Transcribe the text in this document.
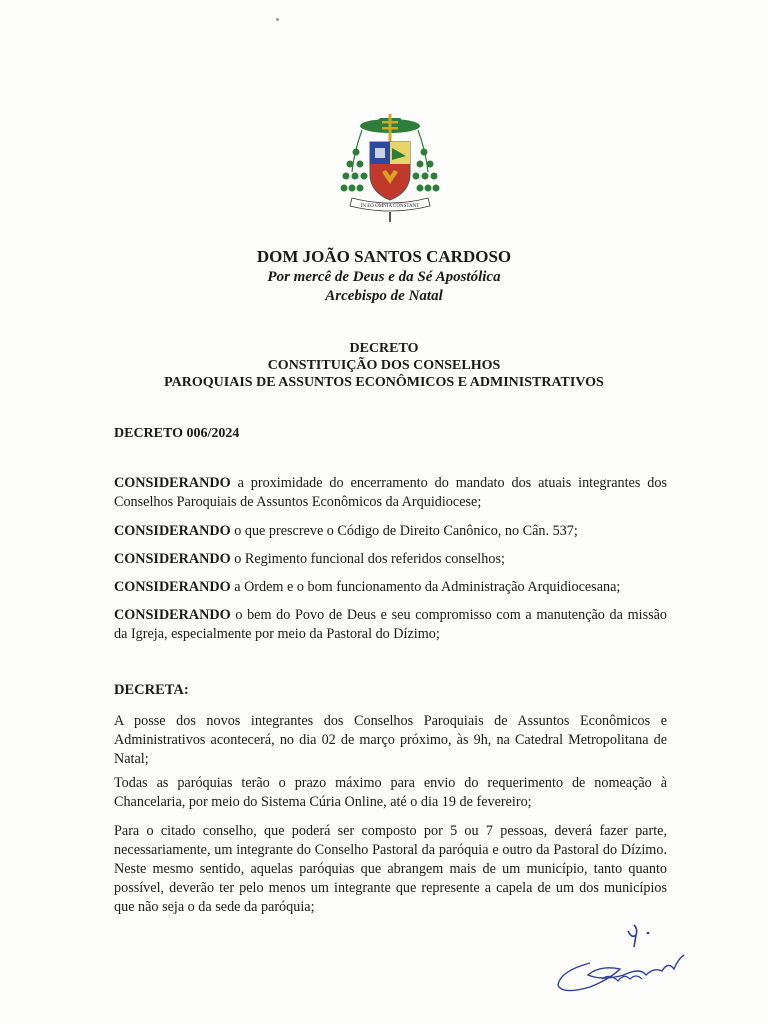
IN EO OMNIA CONSTANT
DOM JOÃO SANTOS CARDOSO
Por mercê de Deus e da Sé Apostólica
Arcebispo de Natal
DECRETO
CONSTITUIÇÃO DOS CONSELHOS
PAROQUIAIS DE ASSUNTOS ECONÔMICOS E ADMINISTRATIVOS
DECRETO 006/2024
CONSIDERANDO a proximidade do encerramento do mandato dos atuais integrantes dos Conselhos Paroquiais de Assuntos Econômicos da Arquidiocese;
CONSIDERANDO o que prescreve o Código de Direito Canônico, no Cân. 537;
CONSIDERANDO o Regimento funcional dos referidos conselhos;
CONSIDERANDO a Ordem e o bom funcionamento da Administração Arquidiocesana;
CONSIDERANDO o bem do Povo de Deus e seu compromisso com a manutenção da missão da Igreja, especialmente por meio da Pastoral do Dízimo;
DECRETA:
A posse dos novos integrantes dos Conselhos Paroquiais de Assuntos Econômicos e Administrativos acontecerá, no dia 02 de março próximo, às 9h, na Catedral Metropolitana de Natal;
Todas as paróquias terão o prazo máximo para envio do requerimento de nomeação à Chancelaria, por meio do Sistema Cúria Online, até o dia 19 de fevereiro;
Para o citado conselho, que poderá ser composto por 5 ou 7 pessoas, deverá fazer parte, necessariamente, um integrante do Conselho Pastoral da paróquia e outro da Pastoral do Dízimo. Neste mesmo sentido, aquelas paróquias que abrangem mais de um município, tanto quanto possível, deverão ter pelo menos um integrante que represente a capela de um dos municípios que não seja o da sede da paróquia;
